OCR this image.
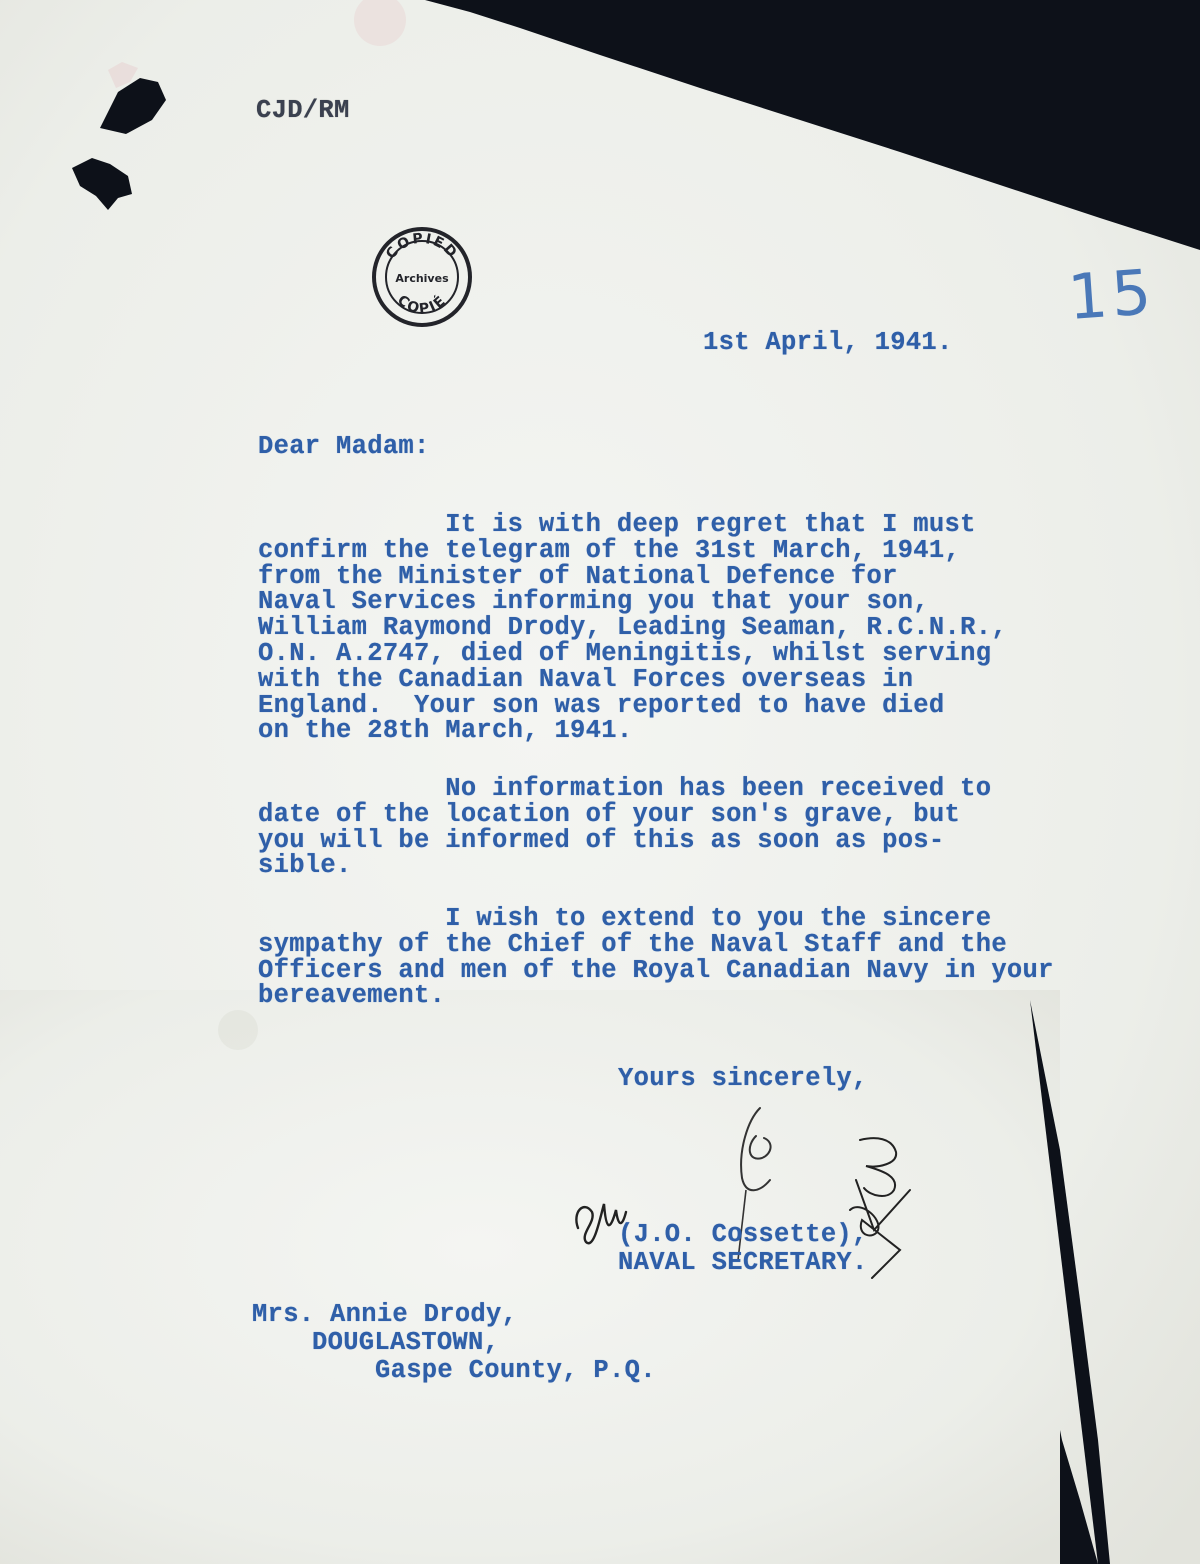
CJD/RM

COPIED
Archives
COPIÉ	15

1st April, 1941.

Dear Madam:

It is with deep regret that I must
confirm the telegram of the 31st March, 1941,
from the Minister of National Defence for
Naval Services informing you that your son,
William Raymond Drody, Leading Seaman, R.C.N.R.,
O.N. A.2747, died of Meningitis, whilst serving
with the Canadian Naval Forces overseas in
England.  Your son was reported to have died
on the 28th March, 1941.

No information has been received to
date of the location of your son's grave, but
you will be informed of this as soon as pos-
sible.

I wish to extend to you the sincere
sympathy of the Chief of the Naval Staff and the
Officers and men of the Royal Canadian Navy in your
bereavement.

Yours sincerely,

(J.O. Cossette),

NAVAL SECRETARY.

Mrs. Annie Drody,

DOUGLASTOWN,

Gaspe County, P.Q.
